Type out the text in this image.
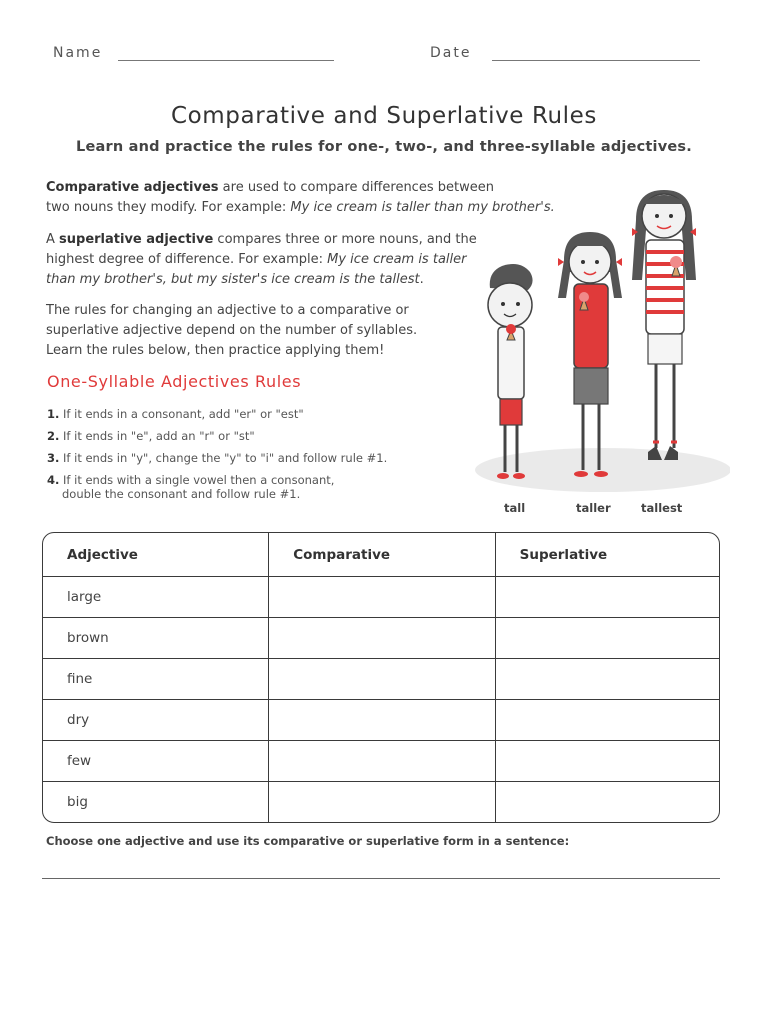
Name	Date
Comparative and Superlative Rules
Learn and practice the rules for one-, two-, and three-syllable adjectives.
Comparative adjectives are used to compare differences between
two nouns they modify. For example: My ice cream is taller than my brother's.
A superlative adjective compares three or more nouns, and the
highest degree of difference. For example: My ice cream is taller
than my brother's, but my sister's ice cream is the tallest.
The rules for changing an adjective to a comparative or
superlative adjective depend on the number of syllables.
Learn the rules below, then practice applying them!
One-Syllable Adjectives Rules
1. If it ends in a consonant, add "er" or "est"
2. If it ends in "e", add an "r" or "st"
3. If it ends in "y", change the "y" to "i" and follow rule #1.
4. If it ends with a single vowel then a consonant,
double the consonant and follow rule #1.
tall	taller	tallest
Adjective	Comparative	Superlative
large		
brown		
fine		
dry		
few		
big		
Choose one adjective and use its comparative or superlative form in a sentence:
